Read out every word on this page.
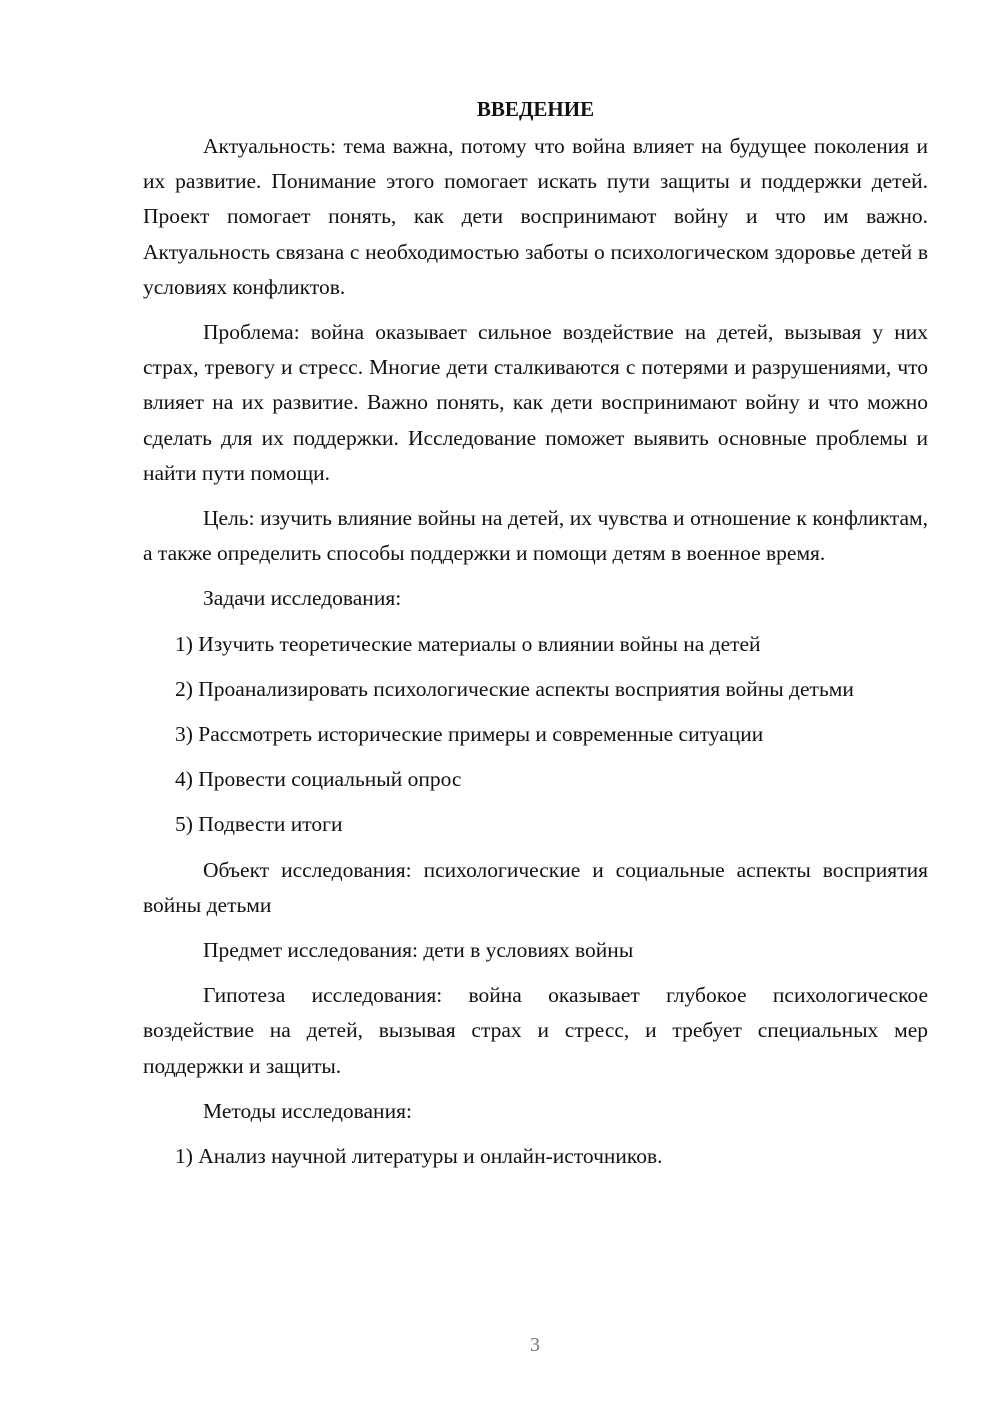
ВВЕДЕНИЕ

Актуальность: тема важна, потому что война влияет на будущее поколения и их развитие. Понимание этого помогает искать пути защиты и поддержки детей. Проект помогает понять, как дети воспринимают войну и что им важно. Актуальность связана с необходимостью заботы о психологическом здоровье детей в условиях конфликтов.

Проблема: война оказывает сильное воздействие на детей, вызывая у них страх, тревогу и стресс. Многие дети сталкиваются с потерями и разрушениями, что влияет на их развитие. Важно понять, как дети воспринимают войну и что можно сделать для их поддержки. Исследование поможет выявить основные проблемы и найти пути помощи.

Цель: изучить влияние войны на детей, их чувства и отношение к конфликтам, а также определить способы поддержки и помощи детям в военное время.

Задачи исследования:

1) Изучить теоретические материалы о влиянии войны на детей

2) Проанализировать психологические аспекты восприятия войны детьми

3) Рассмотреть исторические примеры и современные ситуации

4) Провести социальный опрос

5) Подвести итоги

Объект исследования: психологические и социальные аспекты восприятия войны детьми

Предмет исследования: дети в условиях войны

Гипотеза исследования: война оказывает глубокое психологическое воздействие на детей, вызывая страх и стресс, и требует специальных мер поддержки и защиты.

Методы исследования:

1) Анализ научной литературы и онлайн-источников.

3
